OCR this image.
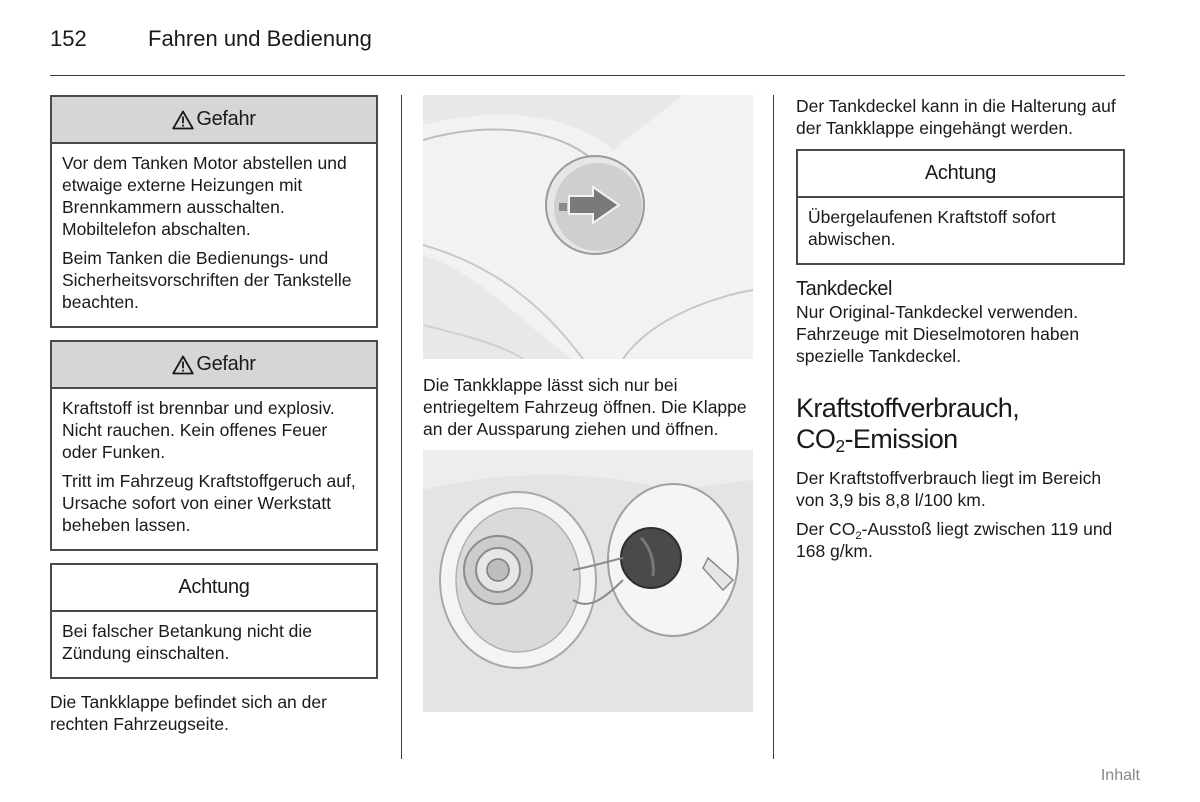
152	Fahren und Bedienung
Gefahr

Vor dem Tanken Motor abstellen und etwaige externe Heizungen mit Brennkammern ausschalten. Mobiltelefon abschalten.

Beim Tanken die Bedienungs- und Sicherheitsvorschriften der Tankstelle beachten.

Gefahr

Kraftstoff ist brennbar und explosiv. Nicht rauchen. Kein offenes Feuer oder Funken.

Tritt im Fahrzeug Kraftstoffgeruch auf, Ursache sofort von einer Werkstatt beheben lassen.

Achtung

Bei falscher Betankung nicht die Zündung einschalten.

Die Tankklappe befindet sich an der rechten Fahrzeugseite.

Die Tankklappe lässt sich nur bei entriegeltem Fahrzeug öffnen. Die Klappe an der Aussparung ziehen und öffnen.

Der Tankdeckel kann in die Halterung auf der Tankklappe eingehängt werden.

Achtung

Übergelaufenen Kraftstoff sofort abwischen.

Tankdeckel

Nur Original-Tankdeckel verwenden. Fahrzeuge mit Dieselmotoren haben spezielle Tankdeckel.

Kraftstoffverbrauch,
$CO_2$-Emission

Der Kraftstoffverbrauch liegt im Bereich von 3,9 bis 8,8 l/100 km.

Der $CO_2$-Ausstoß liegt zwischen 119 und 168 g/km.

Inhalt
